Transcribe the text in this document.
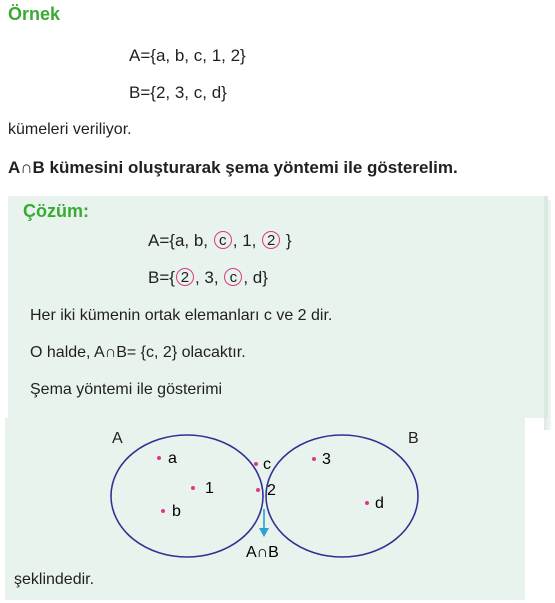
Örnek
A={a, b, c, 1, 2}
B={2, 3, c, d}
kümeleri veriliyor.
A∩B kümesini oluşturarak şema yöntemi ile gösterelim.
Çözüm:
A={a, b, c , 1, 2 }
B={ 2 , 3, c , d}
Her iki kümenin ortak elemanları c ve 2 dir.
O halde, A∩B= {c, 2} olacaktır.
Şema yöntemi ile gösterimi
A	B
a
1
b
c
2
3
d
A∩B
şeklindedir.
